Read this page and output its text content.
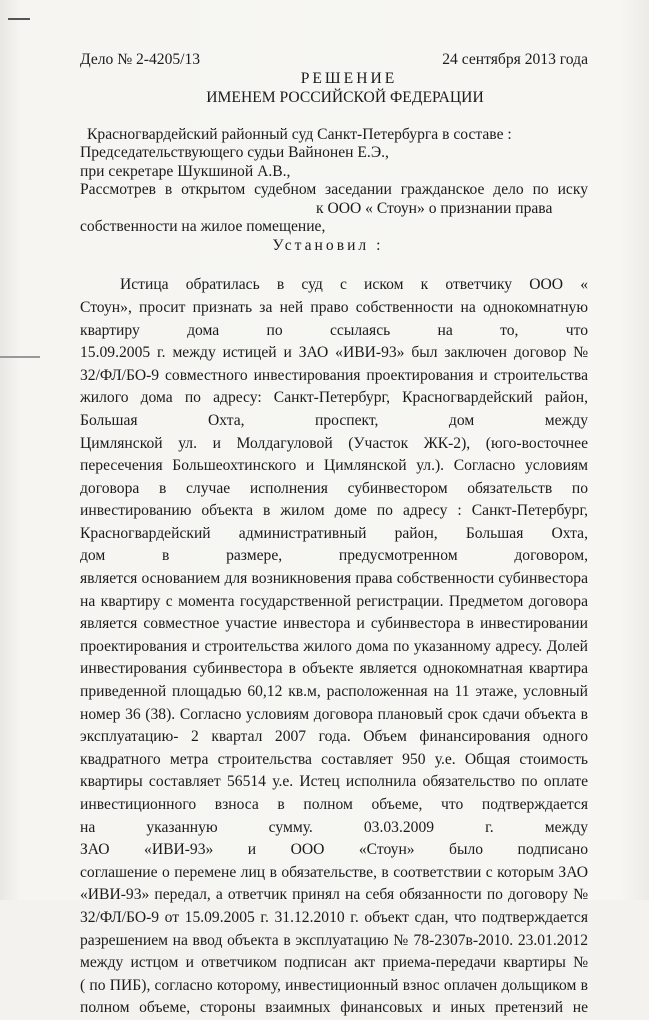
Дело № 2-4205/13	24 сентября 2013 года
РЕШЕНИЕ
ИМЕНЕМ РОССИЙСКОЙ ФЕДЕРАЦИИ
Красногвардейский районный суд Санкт-Петербурга в составе :
Председательствующего судьи Вайнонен Е.Э.,
при секретаре Шукшиной А.В.,
Рассмотрев в открытом судебном заседании гражданское дело по иску
к ООО « Стоун» о признании права
собственности на жилое помещение,
Установил :
Истица обратилась в суд с иском к ответчику ООО «
Стоун», просит признать за ней право собственности на однокомнатную
квартиру дома по ссылаясь на то, что
15.09.2005 г. между истицей и ЗАО «ИВИ-93» был заключен договор №
32/ФЛ/БО-9 совместного инвестирования проектирования и строительства
жилого дома по адресу: Санкт-Петербург, Красногвардейский район,
Большая Охта, проспект, дом между
Цимлянской ул. и Молдагуловой (Участок ЖК-2), (юго-восточнее
пересечения Большеохтинского и Цимлянской ул.). Согласно условиям
договора в случае исполнения субинвестором обязательств по
инвестированию объекта в жилом доме по адресу : Санкт-Петербург,
Красногвардейский административный район, Большая Охта,
дом в размере, предусмотренном договором,
является основанием для возникновения права собственности субинвестора
на квартиру с момента государственной регистрации. Предметом договора
является совместное участие инвестора и субинвестора в инвестировании
проектирования и строительства жилого дома по указанному адресу. Долей
инвестирования субинвестора в объекте является однокомнатная квартира
приведенной площадью 60,12 кв.м, расположенная на 11 этаже, условный
номер 36 (38). Согласно условиям договора плановый срок сдачи объекта в
эксплуатацию- 2 квартал 2007 года. Объем финансирования одного
квадратного метра строительства составляет 950 у.е. Общая стоимость
квартиры составляет 56514 у.е. Истец исполнила обязательство по оплате
инвестиционного взноса в полном объеме, что подтверждается
на указанную сумму. 03.03.2009 г. между
ЗАО «ИВИ-93» и ООО «Стоун» было подписано
соглашение о перемене лиц в обязательстве, в соответствии с которым ЗАО
«ИВИ-93» передал, а ответчик принял на себя обязанности по договору №
32/ФЛ/БО-9 от 15.09.2005 г. 31.12.2010 г. объект сдан, что подтверждается
разрешением на ввод объекта в эксплуатацию № 78-2307в-2010. 23.01.2012
между истцом и ответчиком подписан акт приема-передачи квартиры №
( по ПИБ), согласно которому, инвестиционный взнос оплачен дольщиком в
полном объеме, стороны взаимных финансовых и иных претензий не
